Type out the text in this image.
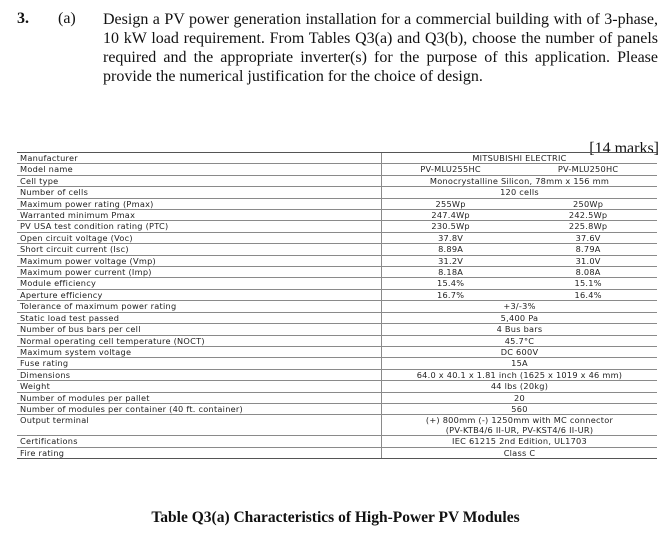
3. (a) Design a PV power generation installation for a commercial building with of 3-phase, 10 kW load requirement. From Tables Q3(a) and Q3(b), choose the number of panels required and the appropriate inverter(s) for the purpose of this application. Please provide the numerical justification for the choice of design.
[14 marks]
Manufacturer	MITSUBISHI ELECTRIC	
Model name	PV-MLU255HC	PV-MLU250HC
Cell type	Monocrystalline Silicon, 78mm x 156 mm	
Number of cells	120 cells	
Maximum power rating (Pmax)	255Wp	250Wp
Warranted minimum Pmax	247.4Wp	242.5Wp
PV USA test condition rating (PTC)	230.5Wp	225.8Wp
Open circuit voltage (Voc)	37.8V	37.6V
Short circuit current (Isc)	8.89A	8.79A
Maximum power voltage (Vmp)	31.2V	31.0V
Maximum power current (Imp)	8.18A	8.08A
Module efficiency	15.4%	15.1%
Aperture efficiency	16.7%	16.4%
Tolerance of maximum power rating	+3/-3%	
Static load test passed	5,400 Pa	
Number of bus bars per cell	4 Bus bars	
Normal operating cell temperature (NOCT)	45.7°C	
Maximum system voltage	DC 600V	
Fuse rating	15A	
Dimensions	64.0 x 40.1 x 1.81 inch (1625 x 1019 x 46 mm)	
Weight	44 lbs (20kg)	
Number of modules per pallet	20	
Number of modules per container (40 ft. container)	560	
Output terminal	(+) 800mm (-) 1250mm with MC connector
(PV-KTB4/6 II-UR, PV-KST4/6 II-UR)	

Certifications	IEC 61215 2nd Edition, UL1703	
Fire rating	Class C	
Table Q3(a) Characteristics of High-Power PV Modules
